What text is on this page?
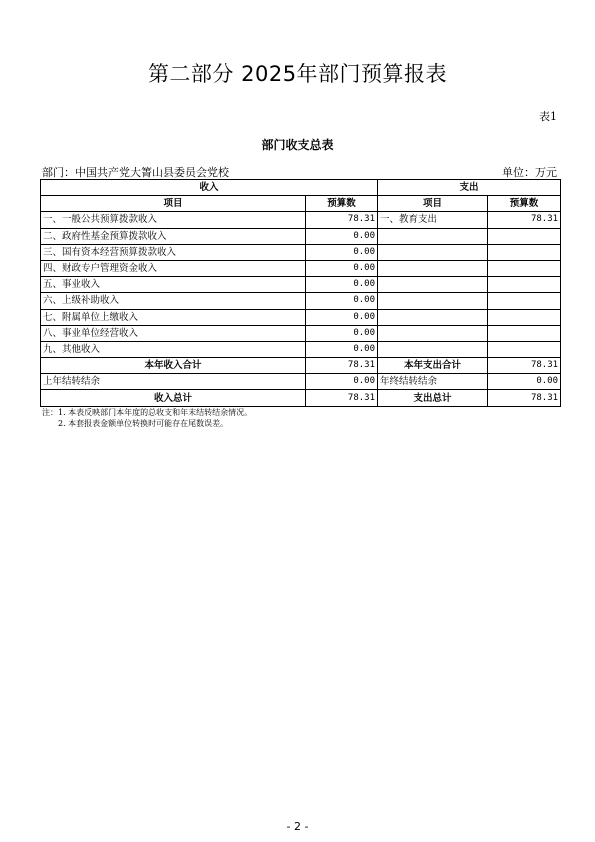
第二部分 2025年部门预算报表
表1
部门收支总表
部门：中国共产党大箐山县委员会党校	单位：万元
收入		支出	
项目	预算数	项目	预算数
一、一般公共预算拨款收入	78.31	一、教育支出	78.31
二、政府性基金预算拨款收入	0.00		
三、国有资本经营预算拨款收入	0.00		
四、财政专户管理资金收入	0.00		
五、事业收入	0.00		
六、上级补助收入	0.00		
七、附属单位上缴收入	0.00		
八、事业单位经营收入	0.00		
九、其他收入	0.00		
本年收入合计	78.31	本年支出合计	78.31
上年结转结余	0.00	年终结转结余	0.00
收入总计	78.31	支出总计	78.31
注：1. 本表反映部门本年度的总收支和年末结转结余情况。
2. 本套报表金额单位转换时可能存在尾数误差。
- 2 -
